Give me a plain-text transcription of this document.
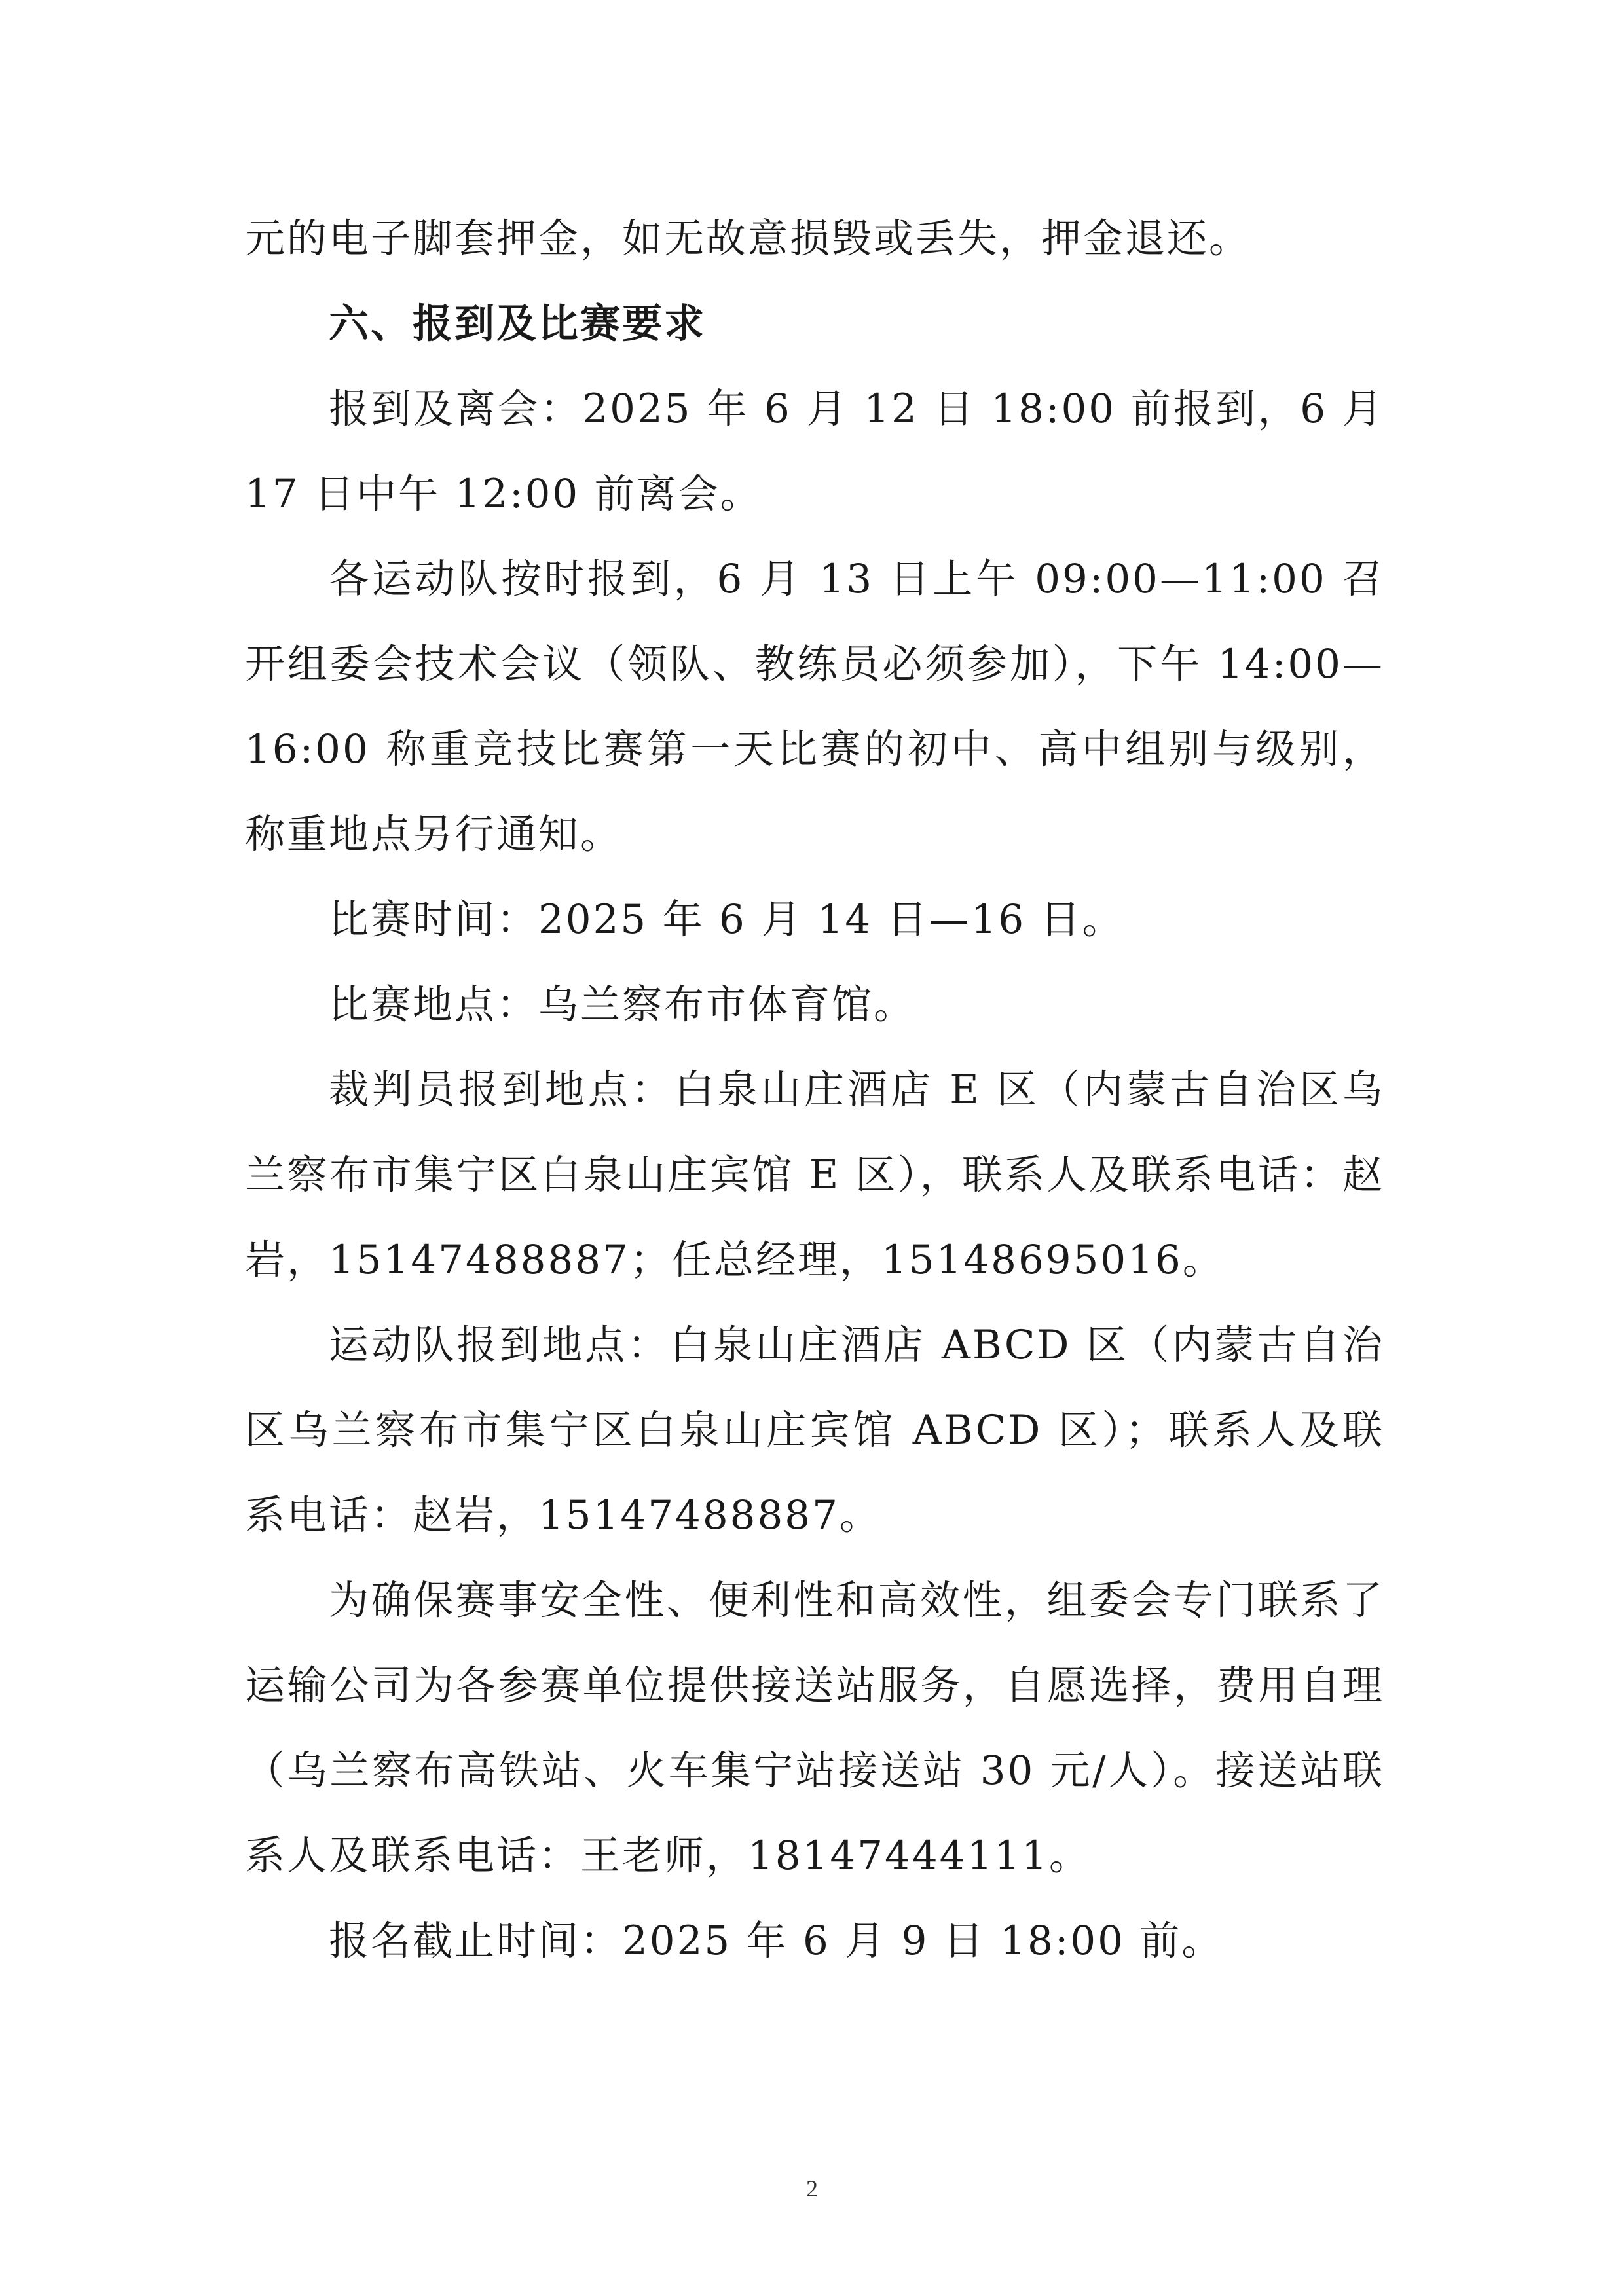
元的电子脚套押金，如无故意损毁或丢失，押金退还。

六、报到及比赛要求

报到及离会：2025 年 6 月 12 日 18:00 前报到，6 月 17 日中午 12:00 前离会。

各运动队按时报到，6 月 13 日上午 09:00—11:00 召开组委会技术会议（领队、教练员必须参加），下午 14:00—16:00 称重竞技比赛第一天比赛的初中、高中组别与级别，称重地点另行通知。

比赛时间：2025 年 6 月 14 日—16 日。

比赛地点：乌兰察布市体育馆。

裁判员报到地点：白泉山庄酒店 E 区（内蒙古自治区乌兰察布市集宁区白泉山庄宾馆 E 区），联系人及联系电话：赵岩，15147488887；任总经理，15148695016。

运动队报到地点：白泉山庄酒店 ABCD 区（内蒙古自治区乌兰察布市集宁区白泉山庄宾馆 ABCD 区）；联系人及联系电话：赵岩，15147488887。

为确保赛事安全性、便利性和高效性，组委会专门联系了运输公司为各参赛单位提供接送站服务，自愿选择，费用自理（乌兰察布高铁站、火车集宁站接送站 30 元/人）。接送站联系人及联系电话：王老师，18147444111。

报名截止时间：2025 年 6 月 9 日 18:00 前。

2
